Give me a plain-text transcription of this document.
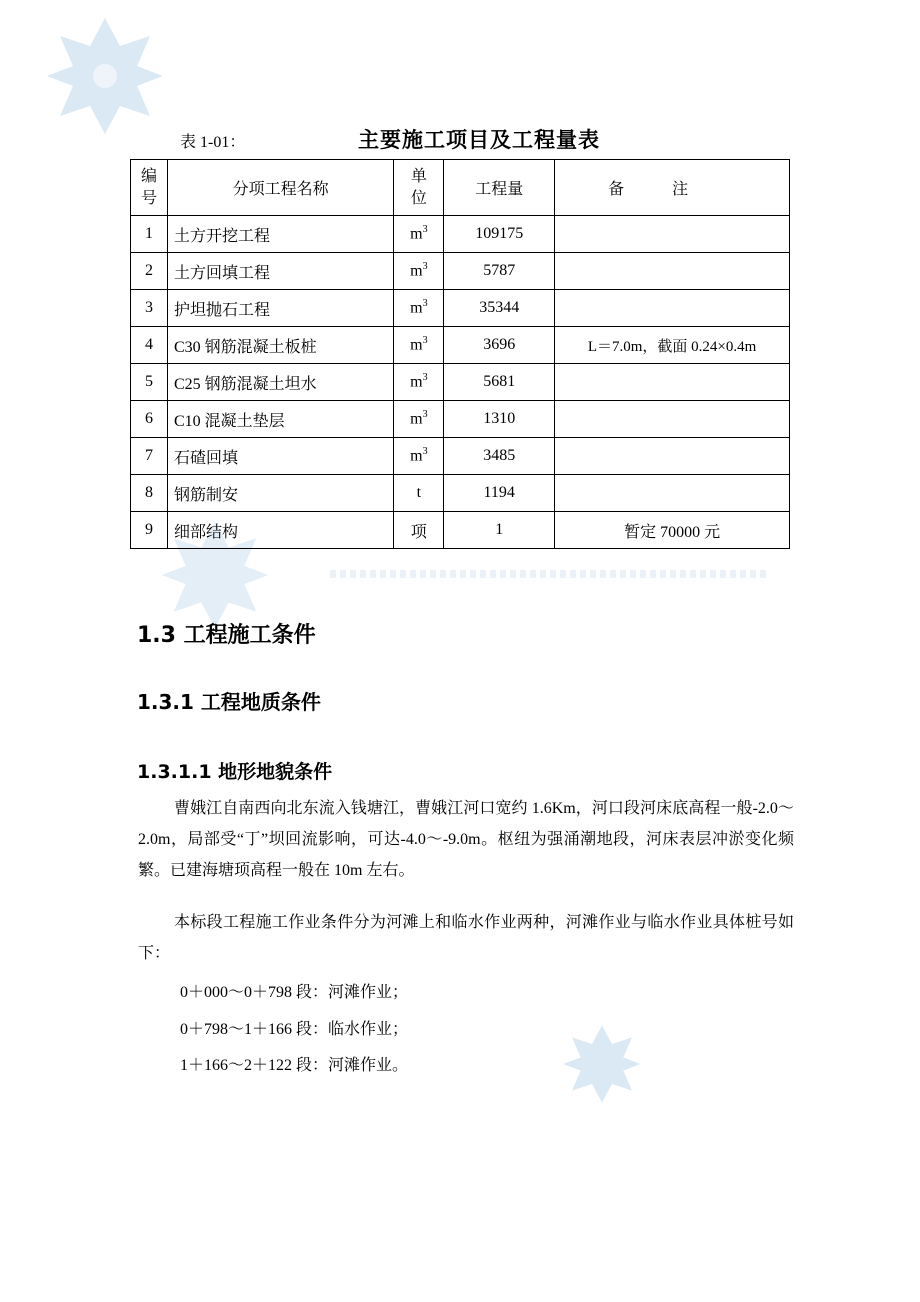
表 1-01：	主要施工项目及工程量表
编
号	分项工程名称	单
位	工程量	备注
1	土方开挖工程	$m^3$	109175	
2	土方回填工程	$m^3$	5787	
3	护坦抛石工程	$m^3$	35344	
4	C30 钢筋混凝土板桩	$m^3$	3696	L＝7.0m，截面 0.24×0.4m
5	C25 钢筋混凝土坦水	$m^3$	5681	
6	C10 混凝土垫层	$m^3$	1310	
7	石碴回填	$m^3$	3485	
8	钢筋制安	t	1194	
9	细部结构	项	1	暂定 70000 元
1.3 工程施工条件
1.3.1 工程地质条件
1.3.1.1 地形地貌条件

曹娥江自南西向北东流入钱塘江，曹娥江河口宽约 1.6Km，河口段河床底高程一般-2.0～2.0m，局部受“丁”坝回流影响，可达-4.0～-9.0m。枢纽为强涌潮地段，河床表层冲淤变化频繁。已建海塘顼高程一般在 10m 左右。

本标段工程施工作业条件分为河滩上和临水作业两种，河滩作业与临水作业具体桩号如下：

0＋000～0＋798 段：河滩作业；
0＋798～1＋166 段：临水作业；
1＋166～2＋122 段：河滩作业。
